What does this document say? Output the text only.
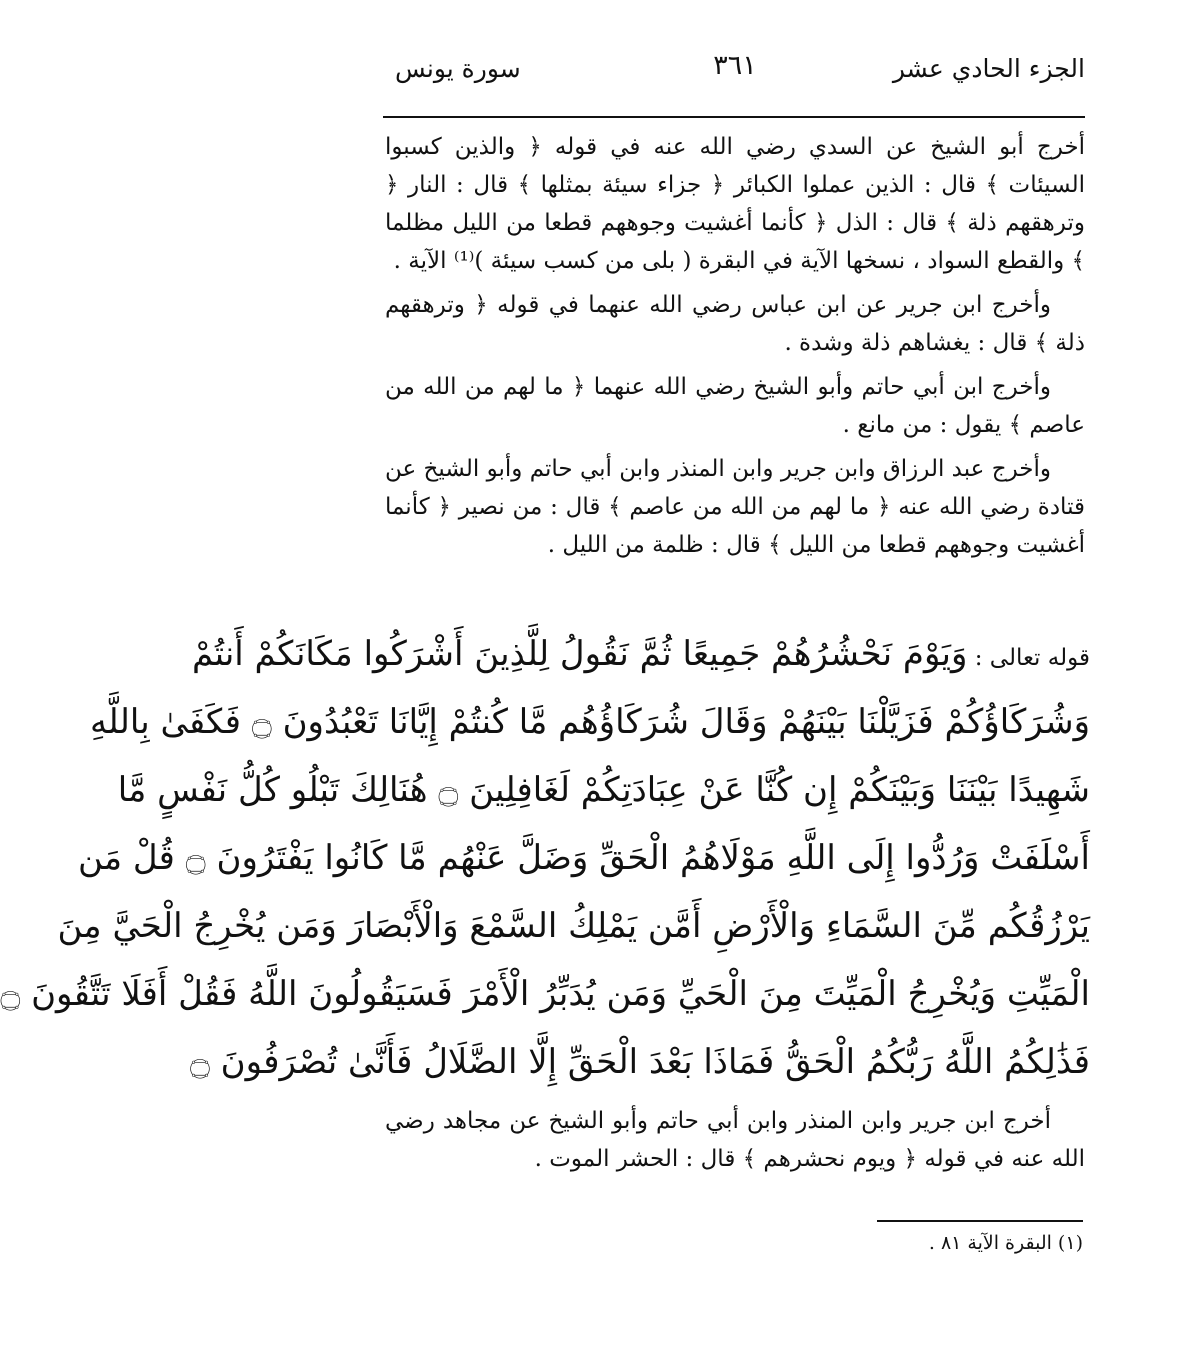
الجزء الحادي عشر
٣٦١
سورة يونس

أخرج أبو الشيخ عن السدي رضي الله عنه في قوله ﴿ والذين كسبوا السيئات ﴾ قال : الذين عملوا الكبائر ﴿ جزاء سيئة بمثلها ﴾ قال : النار ﴿ وترهقهم ذلة ﴾ قال : الذل ﴿ كأنما أغشيت وجوههم قطعا من الليل مظلما ﴾ والقطع السواد ، نسخها الآية في البقرة ( بلى من كسب سيئة )⁽¹⁾ الآية .

وأخرج ابن جرير عن ابن عباس رضي الله عنهما في قوله ﴿ وترهقهم ذلة ﴾ قال : يغشاهم ذلة وشدة .

وأخرج ابن أبي حاتم وأبو الشيخ رضي الله عنهما ﴿ ما لهم من الله من عاصم ﴾ يقول : من مانع .

وأخرج عبد الرزاق وابن جرير وابن المنذر وابن أبي حاتم وأبو الشيخ عن قتادة رضي الله عنه ﴿ ما لهم من الله من عاصم ﴾ قال : من نصير ﴿ كأنما أغشيت وجوههم قطعا من الليل ﴾ قال : ظلمة من الليل .

قوله تعالى : وَيَوْمَ نَحْشُرُهُمْ جَمِيعًا ثُمَّ نَقُولُ لِلَّذِينَ أَشْرَكُوا مَكَانَكُمْ أَنتُمْ
وَشُرَكَاؤُكُمْ فَزَيَّلْنَا بَيْنَهُمْ وَقَالَ شُرَكَاؤُهُم مَّا كُنتُمْ إِيَّانَا تَعْبُدُونَ ۝ فَكَفَىٰ بِاللَّهِ
شَهِيدًا بَيْنَنَا وَبَيْنَكُمْ إِن كُنَّا عَنْ عِبَادَتِكُمْ لَغَافِلِينَ ۝ هُنَالِكَ تَبْلُو كُلُّ نَفْسٍ مَّا
أَسْلَفَتْ وَرُدُّوا إِلَى اللَّهِ مَوْلَاهُمُ الْحَقِّ وَضَلَّ عَنْهُم مَّا كَانُوا يَفْتَرُونَ ۝ قُلْ مَن
يَرْزُقُكُم مِّنَ السَّمَاءِ وَالْأَرْضِ أَمَّن يَمْلِكُ السَّمْعَ وَالْأَبْصَارَ وَمَن يُخْرِجُ الْحَيَّ مِنَ
الْمَيِّتِ وَيُخْرِجُ الْمَيِّتَ مِنَ الْحَيِّ وَمَن يُدَبِّرُ الْأَمْرَ فَسَيَقُولُونَ اللَّهُ فَقُلْ أَفَلَا تَتَّقُونَ ۝
فَذَٰلِكُمُ اللَّهُ رَبُّكُمُ الْحَقُّ فَمَاذَا بَعْدَ الْحَقِّ إِلَّا الضَّلَالُ فَأَنَّىٰ تُصْرَفُونَ ۝

أخرج ابن جرير وابن المنذر وابن أبي حاتم وأبو الشيخ عن مجاهد رضي الله عنه في قوله ﴿ ويوم نحشرهم ﴾ قال : الحشر الموت .

(١) البقرة الآية ٨١ .
